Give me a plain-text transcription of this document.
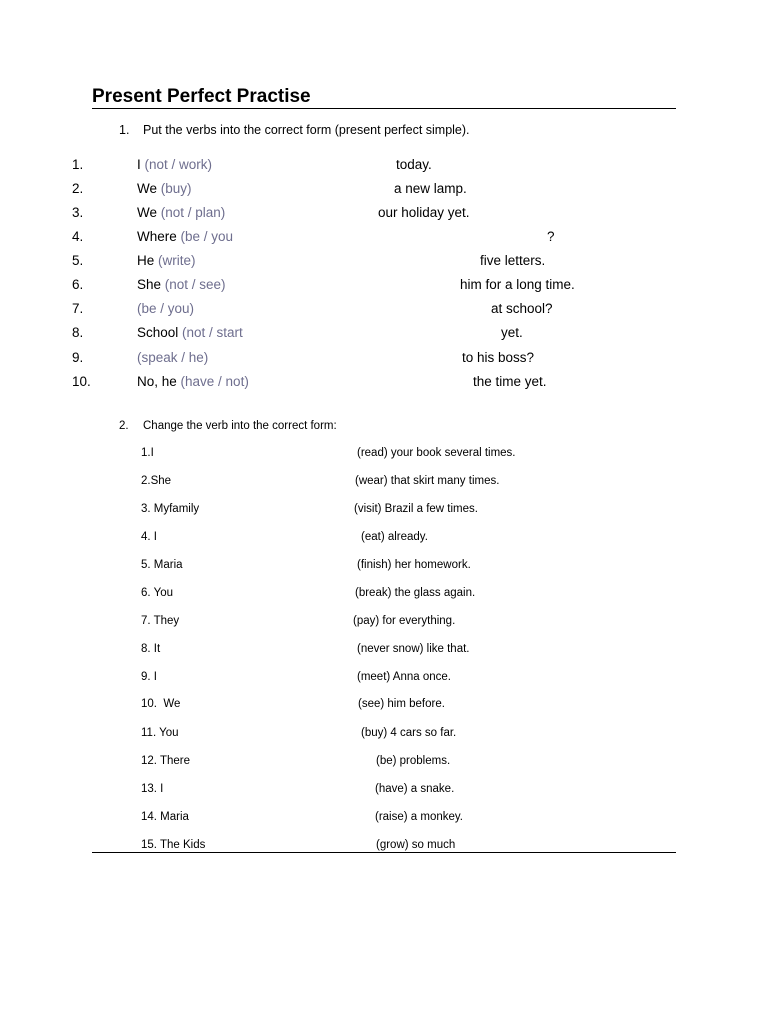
Present Perfect Practise
1. Put the verbs into the correct form (present perfect simple).
1.	I (not / work)	today.
2.	We (buy)	a new lamp.
3.	We (not / plan)	our holiday yet.
4.	Where (be / you	?
5.	He (write)	five letters.
6.	She (not / see)	him for a long time.
7.	(be / you)	at school?
8.	School (not / start	yet.
9.	(speak / he)	to his boss?
10.	No, he (have / not)	the time yet.
2. Change the verb into the correct form:
1.I	(read) your book several times.
2.She	(wear) that skirt many times.
3. Myfamily	(visit) Brazil a few times.
4. I	(eat) already.
5. Maria	(finish) her homework.
6. You	(break) the glass again.
7. They	(pay) for everything.
8. It	(never snow) like that.
9. I	(meet) Anna once.
10.  We	(see) him before.
11. You	(buy) 4 cars so far.
12. There	(be) problems.
13. I	(have) a snake.
14. Maria	(raise) a monkey.
15. The Kids	(grow) so much
